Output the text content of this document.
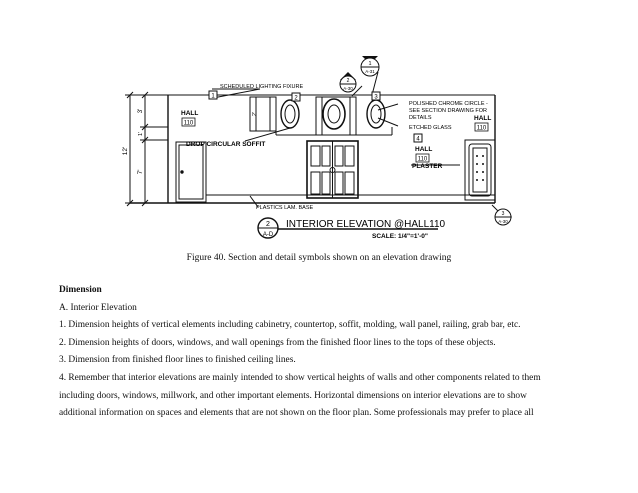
1	2	3
4
1
A-31
2
A-30
3
A-30
2
A-D
INTERIOR ELEVATION @HALL110
SCALE: 1/4"=1'-0"
SCHEDULED LIGHTING FIXURE
POLISHED CHROME CIRCLE -
SEE SECTION DRAWING FOR
DETAILS
ETCHED GLASS
DROP CIRCULAR SOFFIT
PLASTICS LAM. BASE
PLASTER
HALL
110
HALL
110
HALL
110
12'
3'
1'
7'
2'
Figure 40. Section and detail symbols shown on an elevation drawing

Dimension

A. Interior Elevation

1. Dimension heights of vertical elements including cabinetry, countertop, soffit, molding, wall panel, railing, grab bar, etc.

2. Dimension heights of doors, windows, and wall openings from the finished floor lines to the tops of these objects.

3. Dimension from finished floor lines to finished ceiling lines.

4. Remember that interior elevations are mainly intended to show vertical heights of walls and other components related to them

including doors, windows, millwork, and other important elements. Horizontal dimensions on interior elevations are to show

additional information on spaces and elements that are not shown on the floor plan. Some professionals may prefer to place all
